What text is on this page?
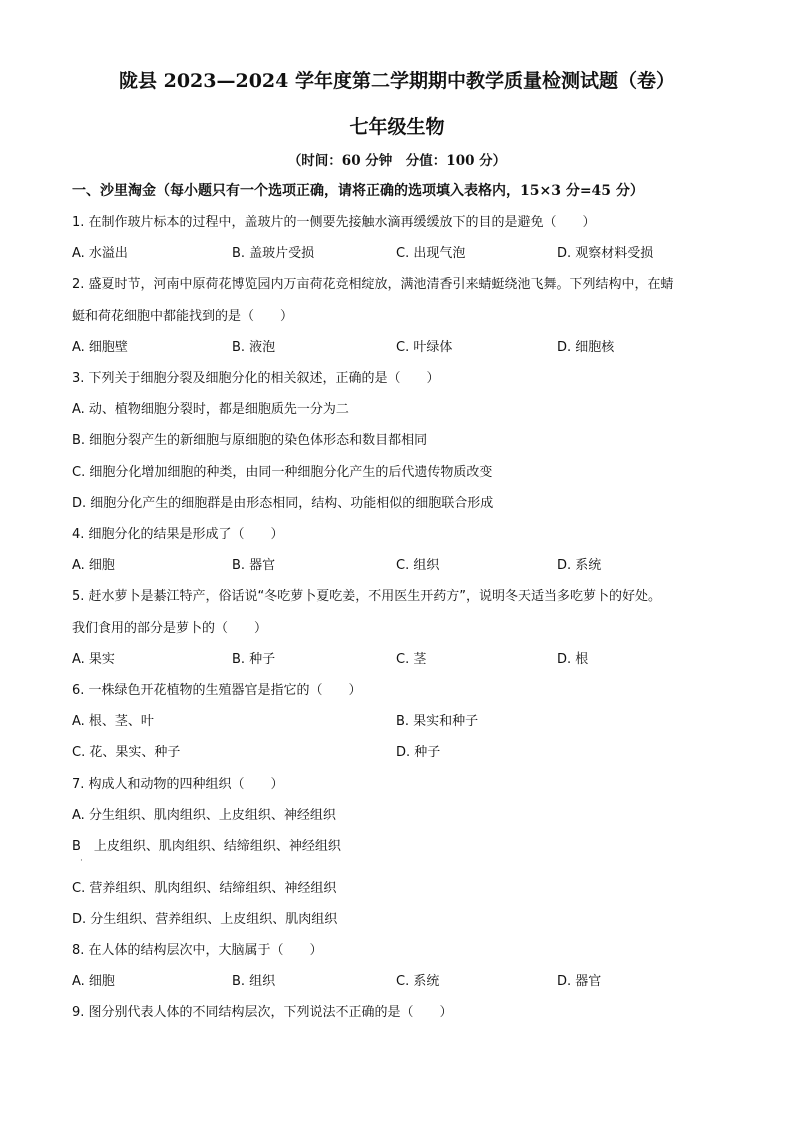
陇县 2023—2024 学年度第二学期期中教学质量检测试题（卷）
七年级生物
（时间：60 分钟　分值：100 分）
一、沙里淘金（每小题只有一个选项正确，请将正确的选项填入表格内，15×3 分=45 分）
1. 在制作玻片标本的过程中，盖玻片的一侧要先接触水滴再缓缓放下的目的是避免（　　）
A. 水溢出	B. 盖玻片受损	C. 出现气泡	D. 观察材料受损
2. 盛夏时节，河南中原荷花博览园内万亩荷花竞相绽放，满池清香引来蜻蜓绕池飞舞。下列结构中，在蜻
蜓和荷花细胞中都能找到的是（　　）
A. 细胞壁	B. 液泡	C. 叶绿体	D. 细胞核
3. 下列关于细胞分裂及细胞分化的相关叙述，正确的是（　　）
A. 动、植物细胞分裂时，都是细胞质先一分为二
B. 细胞分裂产生的新细胞与原细胞的染色体形态和数目都相同
C. 细胞分化增加细胞的种类，由同一种细胞分化产生的后代遗传物质改变
D. 细胞分化产生的细胞群是由形态相同，结构、功能相似的细胞联合形成
4. 细胞分化的结果是形成了（　　）
A. 细胞	B. 器官	C. 组织	D. 系统
5. 赶水萝卜是綦江特产，俗话说“冬吃萝卜夏吃姜，不用医生开药方”，说明冬天适当多吃萝卜的好处。
我们食用的部分是萝卜的（　　）
A. 果实	B. 种子	C. 茎	D. 根
6. 一株绿色开花植物的生殖器官是指它的（　　）
A. 根、茎、叶	B. 果实和种子
C. 花、果实、种子	D. 种子
7. 构成人和动物的四种组织（　　）
A. 分生组织、肌肉组织、上皮组织、神经组织
B　上皮组织、肌肉组织、结缔组织、神经组织
·
C. 营养组织、肌肉组织、结缔组织、神经组织
D. 分生组织、营养组织、上皮组织、肌肉组织
8. 在人体的结构层次中，大脑属于（　　）
A. 细胞	B. 组织	C. 系统	D. 器官
9. 图分别代表人体的不同结构层次，下列说法不正确的是（　　）
